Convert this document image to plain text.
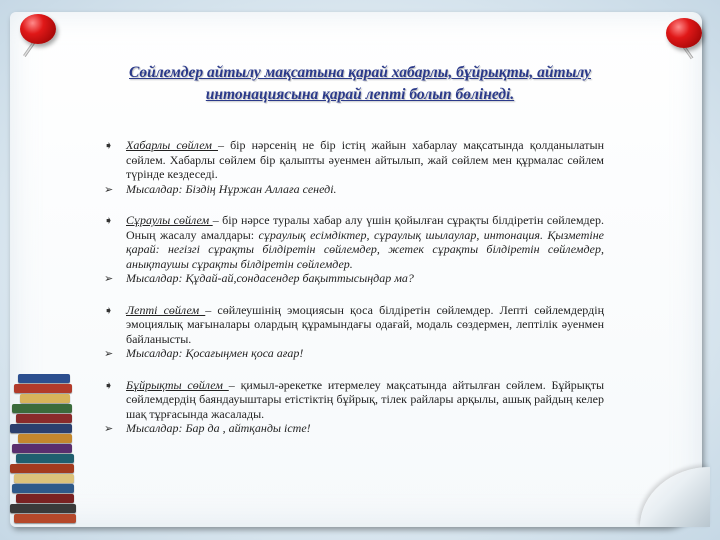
Сөйлемдер айтылу мақсатына қарай хабарлы, бұйрықты, айтылу интонациясына қарай лепті болып бөлінеді.
➧	Хабарлы сөйлем – бір нәрсенің не бір істің жайын хабарлау мақсатында қолданылатын сөйлем. Хабарлы сөйлем бір қалыпты әуенмен айтылып, жай сөйлем мен құрмалас сөйлем түрінде кездеседі.
➢	Мысалдар: Біздің Нұржан Аллаға сенеді.
➧	Сұраулы сөйлем – бір нәрсе туралы хабар алу үшін қойылған сұрақты білдіретін сөйлемдер. Оның жасалу амалдары: сұраулық есімдіктер, сұраулық шылаулар, интонация. Қызметіне қарай: негізгі сұрақты білдіретін сөйлемдер, жетек сұрақты білдіретін сөйлемдер, анықтаушы сұрақты білдіретін сөйлемдер.
➢	Мысалдар: Құдай-ай,сондасендер бақыттысыңдар ма?
➧	Лепті сөйлем – сөйлеушінің эмоциясын қоса білдіретін сөйлемдер. Лепті сөйлемдердің эмоциялық мағыналары олардың құрамындағы одағай, модаль сөздермен, лептілік әуенмен байланысты.
➢	Мысалдар: Қосағыңмен қоса ағар!
➧	Бұйрықты сөйлем – қимыл-әрекетке итермелеу мақсатында айтылған сөйлем. Бұйрықты сөйлемдердің баяндауыштары етістіктің бұйрық, тілек райлары арқылы, ашық райдың келер шақ тұрғасында жасалады.
➢	Мысалдар: Бар да , айтқанды істе!
